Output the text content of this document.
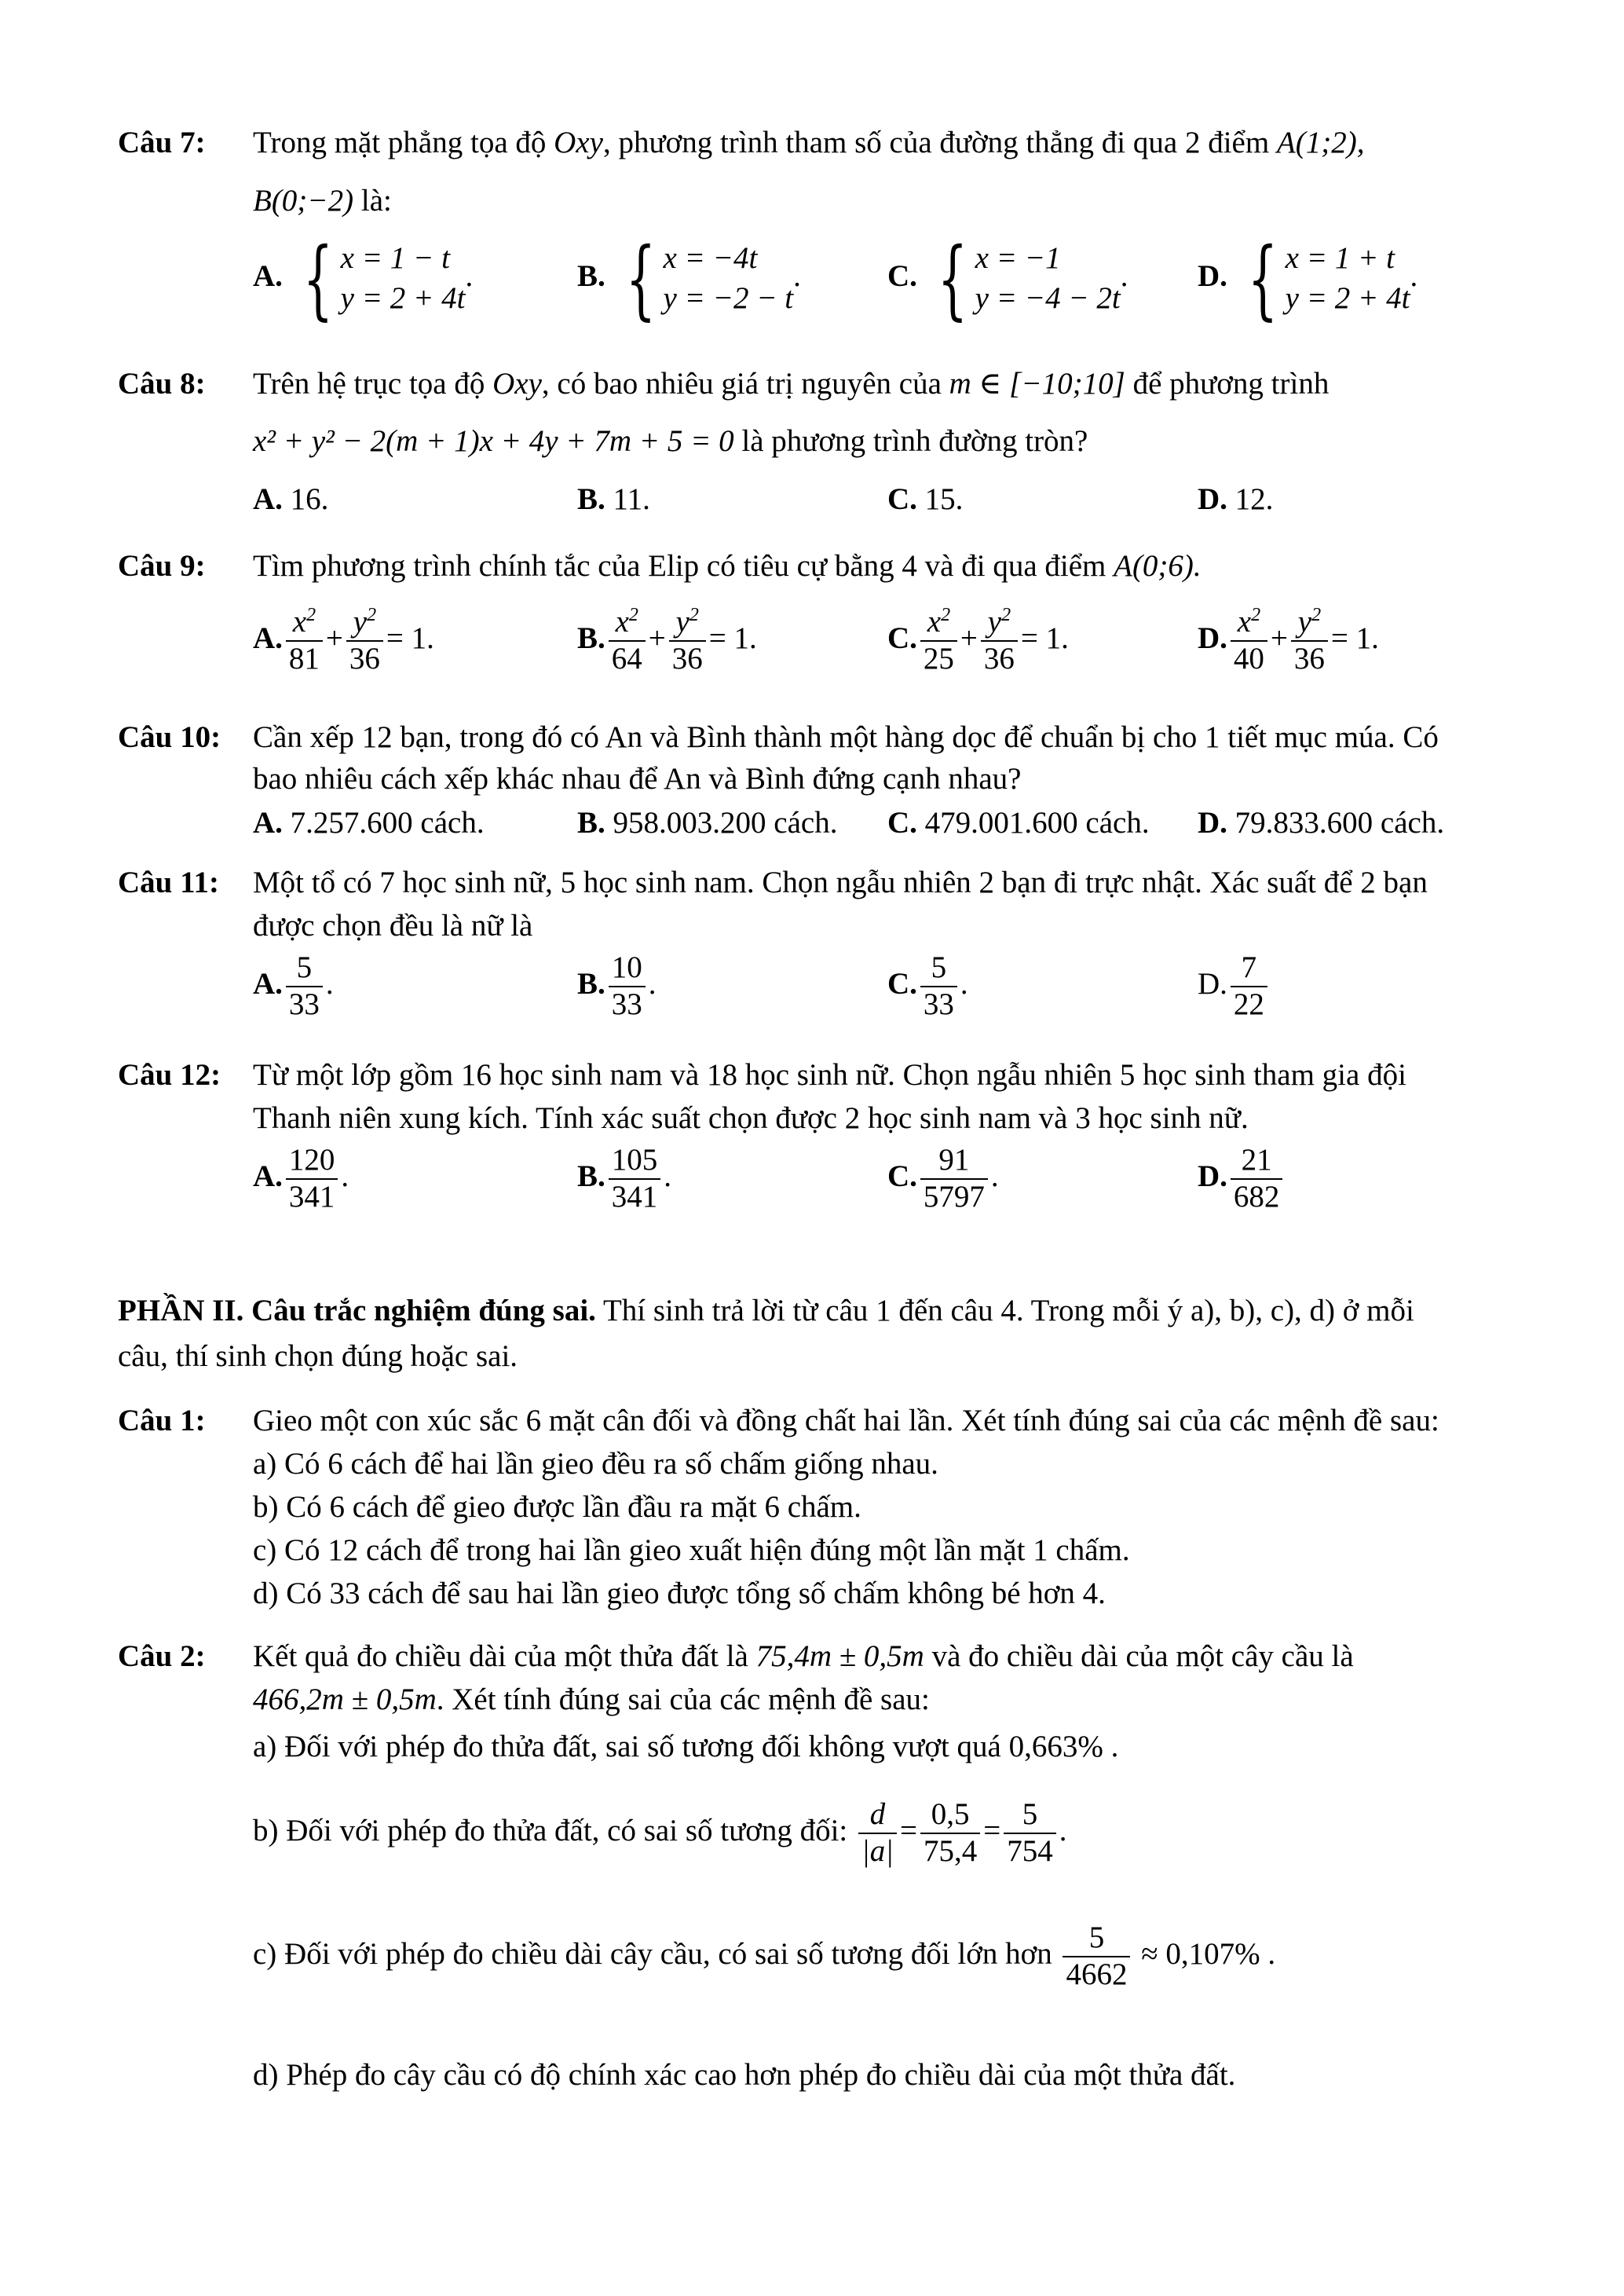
Câu 7: Trong mặt phẳng tọa độ Oxy, phương trình tham số của đường thẳng đi qua 2 điểm A(1;2),
B(0;−2) là:
A. { x = 1 − t
y = 2 + 4t
.	B. { x = −4t
y = −2 − t
.	C. { x = −1
y = −4 − 2t
. D. { x = 1 + t
y = 2 + 4t
.
Câu 8: Trên hệ trục tọa độ Oxy, có bao nhiêu giá trị nguyên của m ∈ [−10;10] để phương trình
x² + y² − 2(m + 1)x + 4y + 7m + 5 = 0 là phương trình đường tròn?
A. 16.	B. 11.	C. 15.	D. 12.
Câu 9: Tìm phương trình chính tắc của Elip có tiêu cự bằng 4 và đi qua điểm A(0;6).
A. $\frac{x^2}{81} + \frac{y^2}{36} = 1$.	B. $\frac{x^2}{64} + \frac{y^2}{36} = 1$.	C. $\frac{x^2}{25} + \frac{y^2}{36} = 1$.	D. $\frac{x^2}{40} + \frac{y^2}{36} = 1$.
Câu 10: Cần xếp 12 bạn, trong đó có An và Bình thành một hàng dọc để chuẩn bị cho 1 tiết mục múa. Có
bao nhiêu cách xếp khác nhau để An và Bình đứng cạnh nhau?
A. 7.257.600 cách.	B. 958.003.200 cách. C. 479.001.600 cách. D. 79.833.600 cách.
Câu 11: Một tổ có 7 học sinh nữ, 5 học sinh nam. Chọn ngẫu nhiên 2 bạn đi trực nhật. Xác suất để 2 bạn
được chọn đều là nữ là
A. $\frac{5}{33}$ .	B. $\frac{10}{33}$ .	C. $\frac{5}{33}$ .	D. $\frac{7}{22}$
Câu 12: Từ một lớp gồm 16 học sinh nam và 18 học sinh nữ. Chọn ngẫu nhiên 5 học sinh tham gia đội
Thanh niên xung kích. Tính xác suất chọn được 2 học sinh nam và 3 học sinh nữ.
A. $\frac{120}{341}$ .	B. $\frac{105}{341}$ .	C. $\frac{91}{5797}$ .	D. $\frac{21}{682}$
PHẦN II. Câu trắc nghiệm đúng sai. Thí sinh trả lời từ câu 1 đến câu 4. Trong mỗi ý a), b), c), d) ở mỗi
câu, thí sinh chọn đúng hoặc sai.
Câu 1: Gieo một con xúc sắc 6 mặt cân đối và đồng chất hai lần. Xét tính đúng sai của các mệnh đề sau:
a) Có 6 cách để hai lần gieo đều ra số chấm giống nhau.
b) Có 6 cách để gieo được lần đầu ra mặt 6 chấm.
c) Có 12 cách để trong hai lần gieo xuất hiện đúng một lần mặt 1 chấm.
d) Có 33 cách để sau hai lần gieo được tổng số chấm không bé hơn 4.
Câu 2: Kết quả đo chiều dài của một thửa đất là 75,4m ± 0,5m và đo chiều dài của một cây cầu là
466,2m ± 0,5m. Xét tính đúng sai của các mệnh đề sau:
a) Đối với phép đo thửa đất, sai số tương đối không vượt quá 0,663% .
b) Đối với phép đo thửa đất, có sai số tương đối: $\frac{d}{|a|} = \frac{0,5}{75,4} = \frac{5}{754}$ .
c) Đối với phép đo chiều dài cây cầu, có sai số tương đối lớn hơn $\frac{5}{4662} \approx 0,107\%$ .
d) Phép đo cây cầu có độ chính xác cao hơn phép đo chiều dài của một thửa đất.
